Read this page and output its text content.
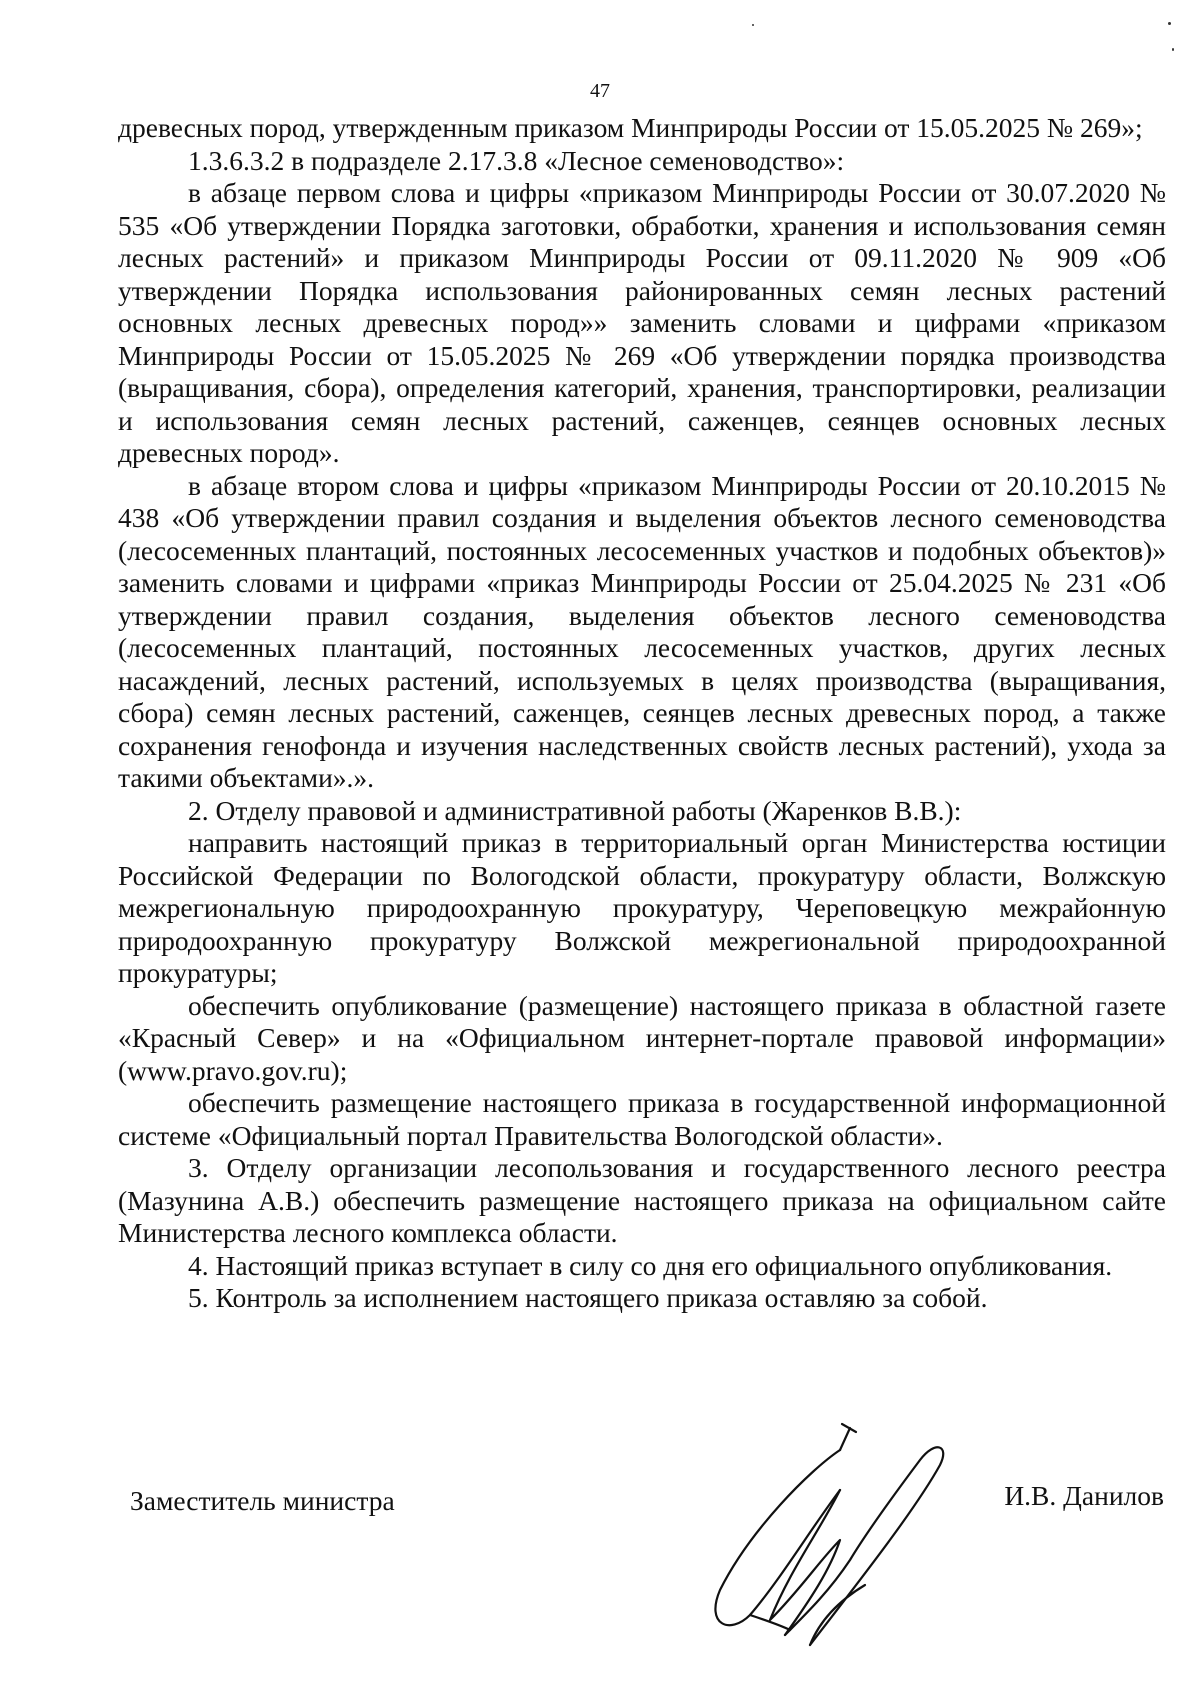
47

древесных пород, утвержденным приказом Минприроды России от 15.05.2025 № 269»;

1.3.6.3.2 в подразделе 2.17.3.8 «Лесное семеноводство»:

в абзаце первом слова и цифры «приказом Минприроды России от 30.07.2020 № 535 «Об утверждении Порядка заготовки, обработки, хранения и использования семян лесных растений» и приказом Минприроды России от 09.11.2020 № 909 «Об утверждении Порядка использования районированных семян лесных растений основных лесных древесных пород»» заменить словами и цифрами «приказом Минприроды России от 15.05.2025 № 269 «Об утверждении порядка производства (выращивания, сбора), определения категорий, хранения, транспортировки, реализации и использования семян лесных растений, саженцев, сеянцев основных лесных древесных пород».

в абзаце втором слова и цифры «приказом Минприроды России от 20.10.2015 № 438 «Об утверждении правил создания и выделения объектов лесного семеноводства (лесосеменных плантаций, постоянных лесосеменных участков и подобных объектов)» заменить словами и цифрами «приказ Минприроды России от 25.04.2025 № 231 «Об утверждении правил создания, выделения объектов лесного семеноводства (лесосеменных плантаций, постоянных лесосеменных участков, других лесных насаждений, лесных растений, используемых в целях производства (выращивания, сбора) семян лесных растений, саженцев, сеянцев лесных древесных пород, а также сохранения генофонда и изучения наследственных свойств лесных растений), ухода за такими объектами».».

2. Отделу правовой и административной работы (Жаренков В.В.):

направить настоящий приказ в территориальный орган Министерства юстиции Российской Федерации по Вологодской области, прокуратуру области, Волжскую межрегиональную природоохранную прокуратуру, Череповецкую межрайонную природоохранную прокуратуру Волжской межрегиональной природоохранной прокуратуры;

обеспечить опубликование (размещение) настоящего приказа в областной газете «Красный Север» и на «Официальном интернет-портале правовой информации» (www.pravo.gov.ru);

обеспечить размещение настоящего приказа в государственной информационной системе «Официальный портал Правительства Вологодской области».

3. Отделу организации лесопользования и государственного лесного реестра (Мазунина А.В.) обеспечить размещение настоящего приказа на официальном сайте Министерства лесного комплекса области.

4. Настоящий приказ вступает в силу со дня его официального опубликования.

5. Контроль за исполнением настоящего приказа оставляю за собой.

Заместитель министра	И.В. Данилов
